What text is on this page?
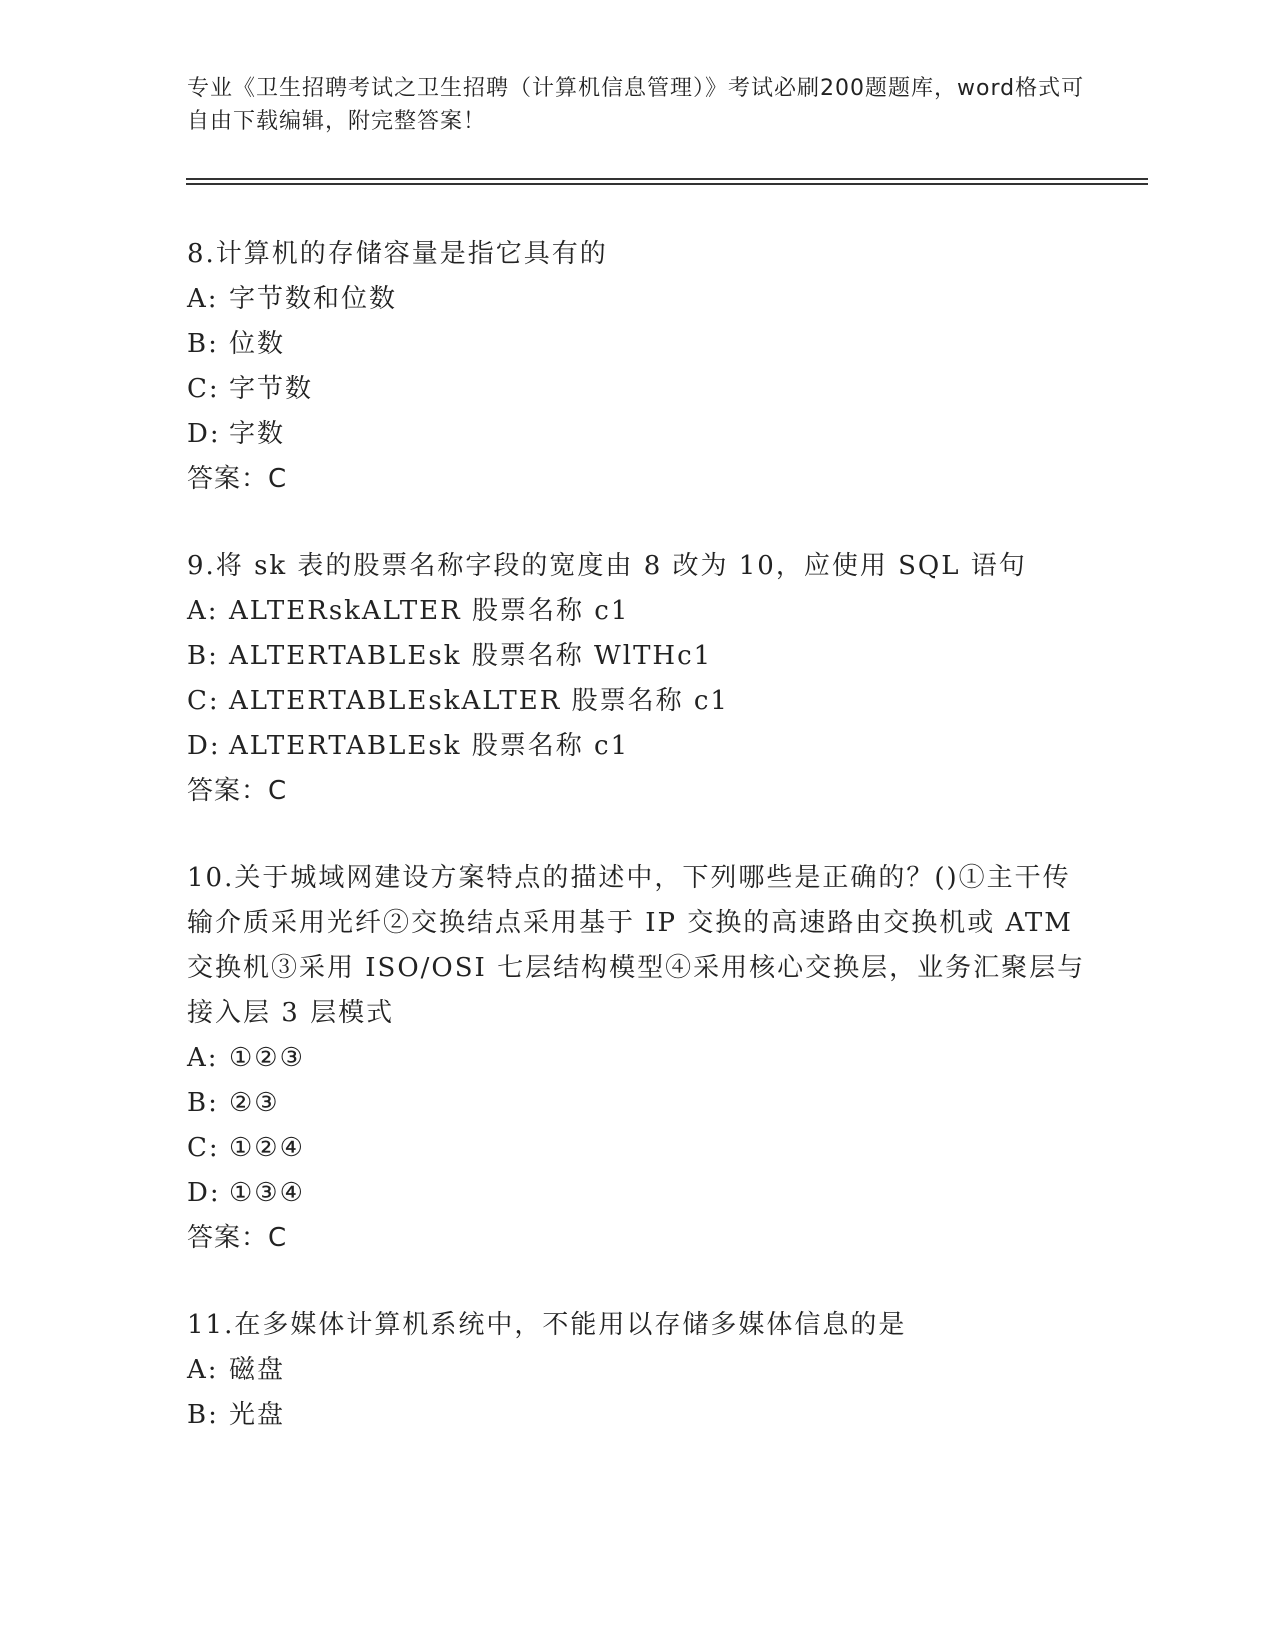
专业《卫生招聘考试之卫生招聘（计算机信息管理）》考试必刷200题题库，word格式可自由下载编辑，附完整答案！

8.计算机的存储容量是指它具有的

A: 字节数和位数

B: 位数

C: 字节数

D: 字数

答案：C

9.将 sk 表的股票名称字段的宽度由 8 改为 10，应使用 SQL 语句

A: ALTERskALTER 股票名称 c1

B: ALTERTABLEsk 股票名称 WlTHc1

C: ALTERTABLEskALTER 股票名称 c1

D: ALTERTABLEsk 股票名称 c1

答案：C

10.关于城域网建设方案特点的描述中，下列哪些是正确的？()①主干传输介质采用光纤②交换结点采用基于 IP 交换的高速路由交换机或 ATM 交换机③采用 ISO/OSI 七层结构模型④采用核心交换层，业务汇聚层与接入层 3 层模式

A: ①②③

B: ②③

C: ①②④

D: ①③④

答案：C

11.在多媒体计算机系统中，不能用以存储多媒体信息的是

A: 磁盘

B: 光盘
